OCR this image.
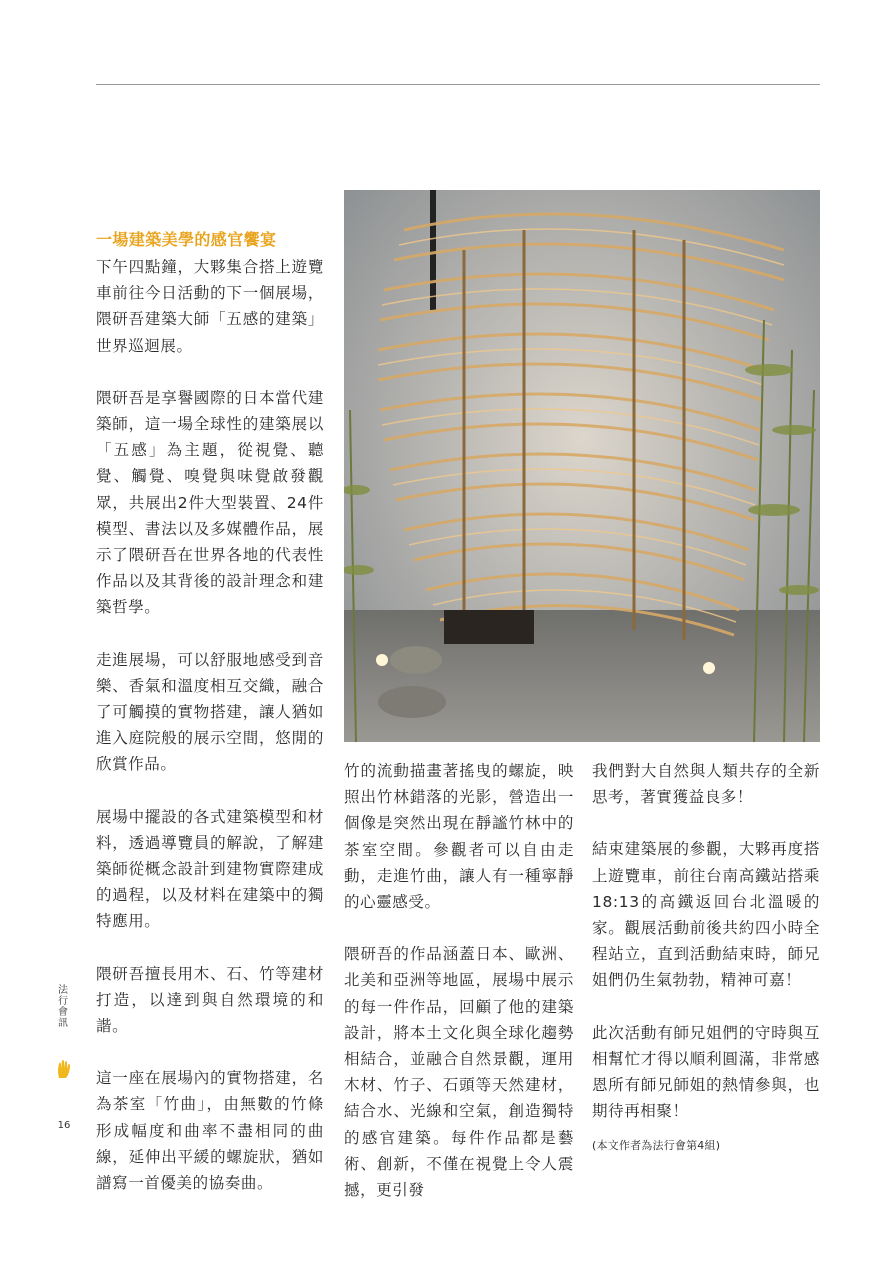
一場建築美學的感官饗宴

下午四點鐘，大夥集合搭上遊覽車前往今日活動的下一個展場，隈研吾建築大師「五感的建築」世界巡迴展。

隈研吾是享譽國際的日本當代建築師，這一場全球性的建築展以「五感」為主題，從視覺、聽覺、觸覺、嗅覺與味覺啟發觀眾，共展出2件大型裝置、24件模型、書法以及多媒體作品，展示了隈研吾在世界各地的代表性作品以及其背後的設計理念和建築哲學。

走進展場，可以舒服地感受到音樂、香氣和溫度相互交織，融合了可觸摸的實物搭建，讓人猶如進入庭院般的展示空間，悠閒的欣賞作品。

展場中擺設的各式建築模型和材料，透過導覽員的解說，了解建築師從概念設計到建物實際建成的過程，以及材料在建築中的獨特應用。

隈研吾擅長用木、石、竹等建材打造，以達到與自然環境的和諧。

這一座在展場內的實物搭建，名為茶室「竹曲」，由無數的竹條形成幅度和曲率不盡相同的曲線，延伸出平緩的螺旋狀，猶如譜寫一首優美的協奏曲。

竹的流動描畫著搖曳的螺旋，映照出竹林錯落的光影，營造出一個像是突然出現在靜謐竹林中的茶室空間。參觀者可以自由走動，走進竹曲，讓人有一種寧靜的心靈感受。

隈研吾的作品涵蓋日本、歐洲、北美和亞洲等地區，展場中展示的每一件作品，回顧了他的建築設計，將本土文化與全球化趨勢相結合，並融合自然景觀，運用木材、竹子、石頭等天然建材，結合水、光線和空氣，創造獨特的感官建築。每件作品都是藝術、創新，不僅在視覺上令人震撼，更引發

我們對大自然與人類共存的全新思考，著實獲益良多！

結束建築展的參觀，大夥再度搭上遊覽車，前往台南高鐵站搭乘18:13的高鐵返回台北溫暖的家。觀展活動前後共約四小時全程站立，直到活動結束時，師兄姐們仍生氣勃勃，精神可嘉！

此次活動有師兄姐們的守時與互相幫忙才得以順利圓滿，非常感恩所有師兄師姐的熱情參與，也期待再相聚！

(本文作者為法行會第4組)
法
行
會
訊
16
